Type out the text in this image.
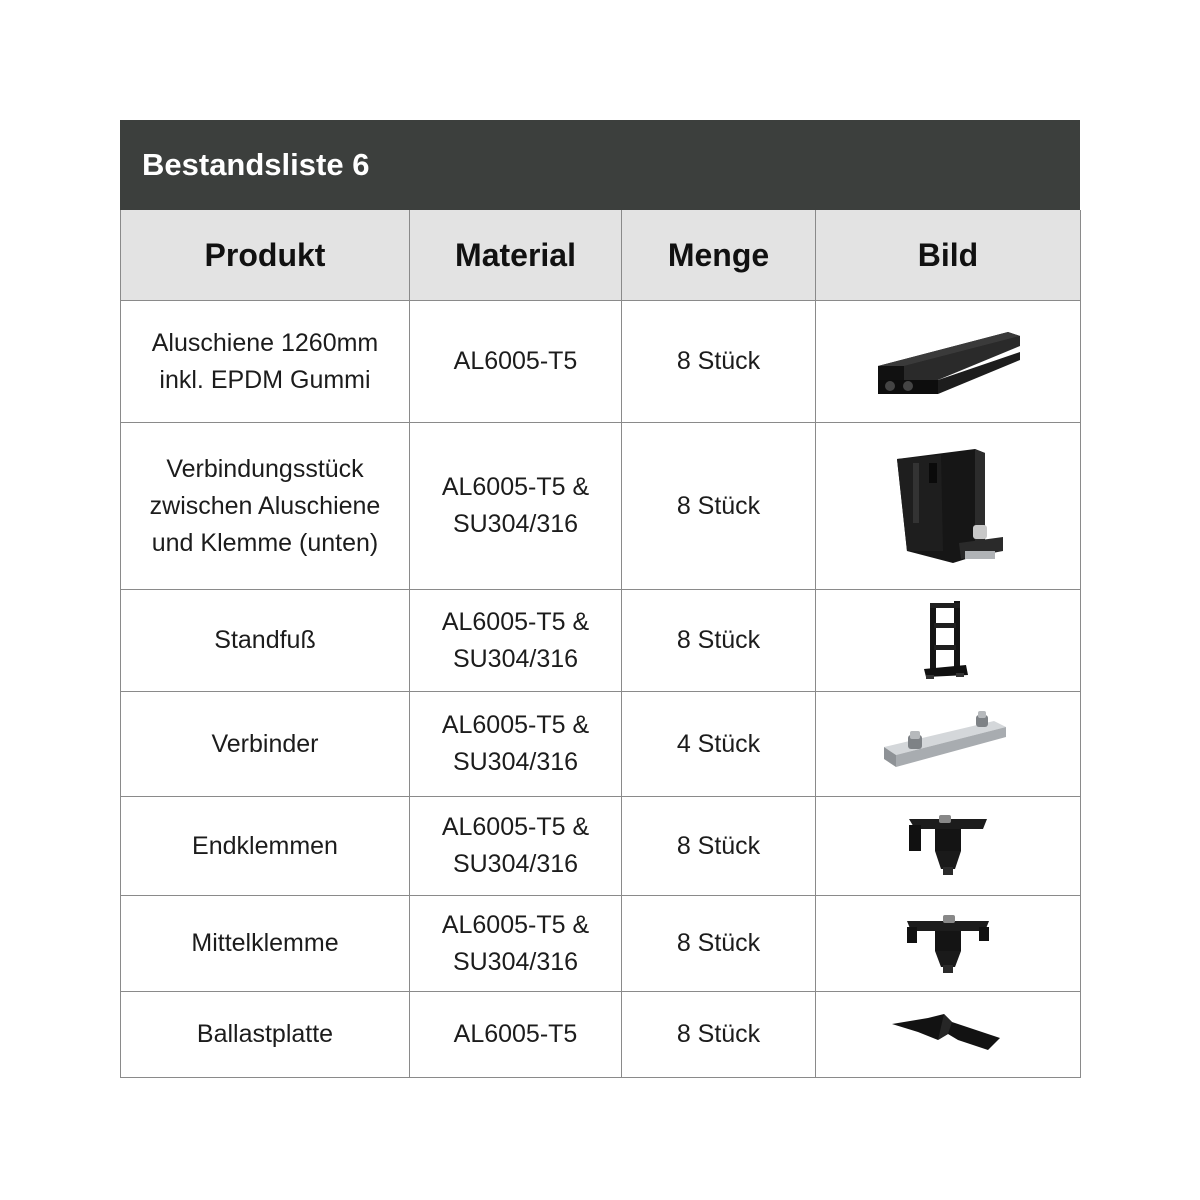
Bestandsliste 6
Produkt	Material	Menge	Bild
Aluschiene 1260mm
inkl. EPDM Gummi	AL6005-T5	8 Stück	

Verbindungsstück
zwischen Aluschiene
und Klemme (unten)	AL6005-T5 &
SU304/316	8 Stück	

Standfuß	AL6005-T5 &
SU304/316	8 Stück	

Verbinder	AL6005-T5 &
SU304/316	4 Stück	

Endklemmen	AL6005-T5 &
SU304/316	8 Stück	

Mittelklemme	AL6005-T5 &
SU304/316	8 Stück	

Ballastplatte	AL6005-T5	8 Stück	
